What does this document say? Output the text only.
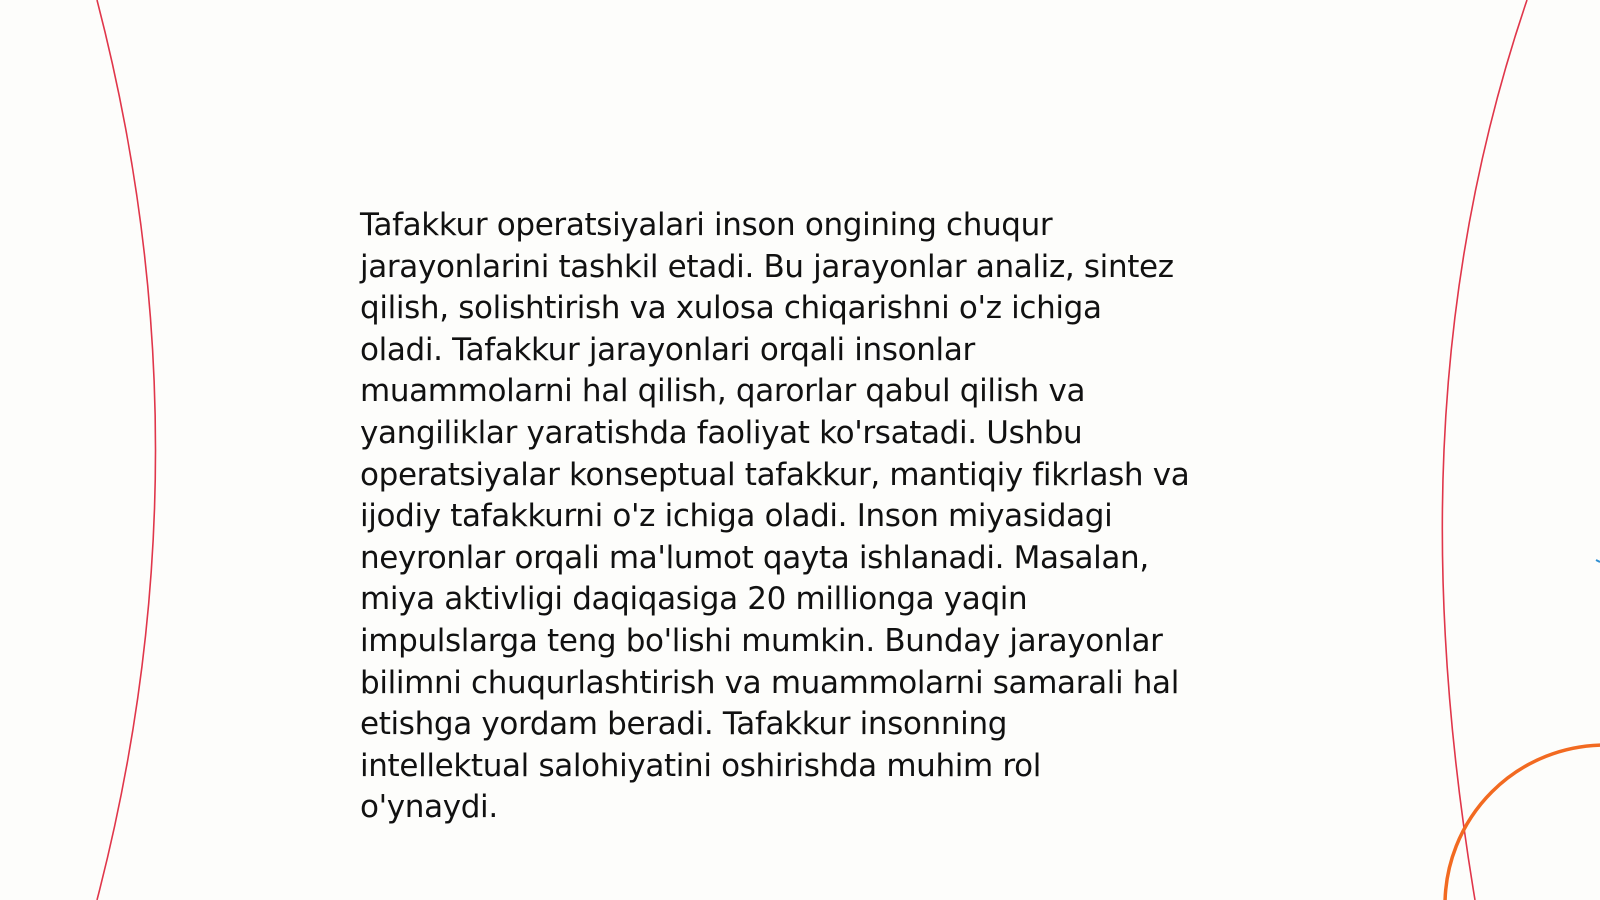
Tafakkur operatsiyalari inson ongining chuqur
jarayonlarini tashkil etadi. Bu jarayonlar analiz, sintez
qilish, solishtirish va xulosa chiqarishni o'z ichiga
oladi. Tafakkur jarayonlari orqali insonlar
muammolarni hal qilish, qarorlar qabul qilish va
yangiliklar yaratishda faoliyat ko'rsatadi. Ushbu
operatsiyalar konseptual tafakkur, mantiqiy fikrlash va
ijodiy tafakkurni o'z ichiga oladi. Inson miyasidagi
neyronlar orqali ma'lumot qayta ishlanadi. Masalan,
miya aktivligi daqiqasiga 20 millionga yaqin
impulslarga teng bo'lishi mumkin. Bunday jarayonlar
bilimni chuqurlashtirish va muammolarni samarali hal
etishga yordam beradi. Tafakkur insonning
intellektual salohiyatini oshirishda muhim rol
o'ynaydi.
